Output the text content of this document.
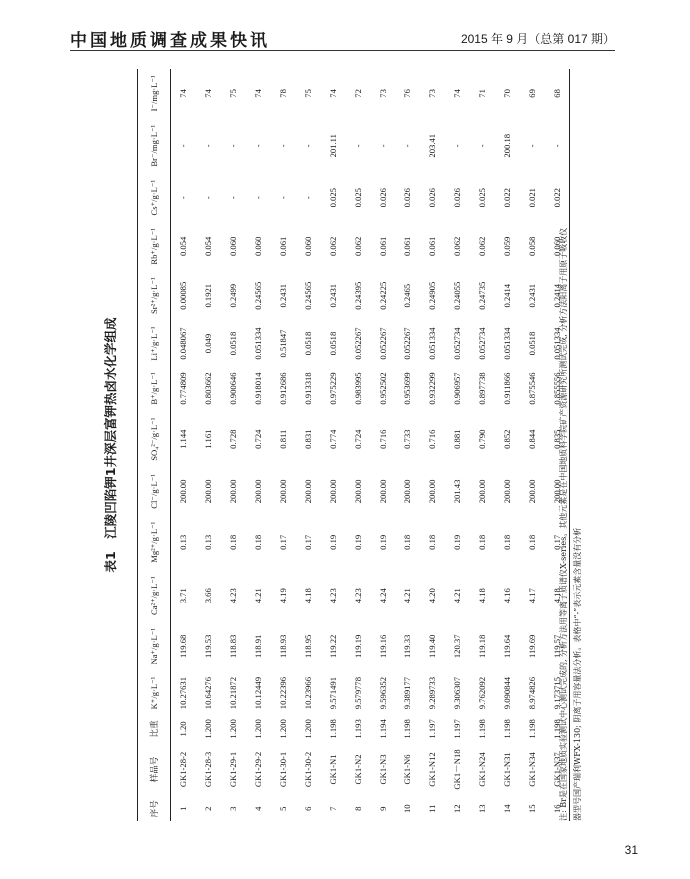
中国地质调查成果快讯	2015 年 9 月（总第 017 期）
表1　江陵凹陷钾1井深层富钾热卤水化学组成
序号	样品号	比重	K⁺/g·L⁻¹	Na⁺/g·L⁻¹	Ca²⁺/g·L⁻¹	Mg²⁺/g·L⁻¹	Cl⁻/g·L⁻¹	SO₄²⁻/g·L⁻¹	B⁺/g·L⁻¹	Li⁺/g·L⁻¹	Sr²⁺/g·L⁻¹	Rb⁺/g·L⁻¹	Cs⁺/g·L⁻¹	Br⁻/mg·L⁻¹	I⁻/mg·L⁻¹
1	GK1-28-2	1.20	10.27631	119.68	3.71	0.13	200.00	1.144	0.774809	0.048067	0.00085	0.054	-	-	74
2	GK1-28-3	1.200	10.64276	119.53	3.66	0.13	200.00	1.161	0.803662	0.049	0.1921	0.054	-	-	74
3	GK1-29-1	1.200	10.21872	118.83	4.23	0.18	200.00	0.728	0.900646	0.0518	0.2499	0.060	-	-	75
4	GK1-29-2	1.200	10.12449	118.91	4.21	0.18	200.00	0.724	0.918014	0.051334	0.24565	0.060	-	-	74
5	GK1-30-1	1.200	10.22396	118.93	4.19	0.17	200.00	0.811	0.912686	0.51847	0.2431	0.061	-	-	78
6	GK1-30-2	1.200	10.23966	118.95	4.18	0.17	200.00	0.831	0.913318	0.0518	0.24565	0.060	-	-	75
7	GK1-N1	1.198	9.571491	119.22	4.23	0.19	200.00	0.774	0.975229	0.0518	0.2431	0.062	0.025	201.11	74
8	GK1-N2	1.193	9.579778	119.19	4.23	0.19	200.00	0.724	0.983995	0.052267	0.24395	0.062	0.025	-	72
9	GK1-N3	1.194	9.596352	119.16	4.24	0.19	200.00	0.716	0.952502	0.052267	0.24225	0.061	0.026	-	73
10	GK1-N6	1.198	9.389177	119.33	4.21	0.18	200.00	0.733	0.953699	0.052267	0.2465	0.061	0.026	-	76
11	GK1-N12	1.197	9.289733	119.40	4.20	0.18	200.00	0.716	0.932299	0.051334	0.24905	0.061	0.026	203.41	73
12	GK1－N18	1.197	9.306307	120.37	4.21	0.19	201.43	0.881	0.906957	0.052734	0.24055	0.062	0.026	-	74
13	GK1-N24	1.198	9.762092	119.18	4.18	0.18	200.00	0.790	0.897738	0.052734	0.24735	0.062	0.025	-	71
14	GK1-N31	1.198	9.090844	119.64	4.16	0.18	200.00	0.852	0.911866	0.051334	0.2414	0.059	0.022	200.18	70
15	GK1-N34	1.198	8.974826	119.69	4.17	0.18	200.00	0.844	0.875546	0.0518	0.2431	0.058	0.021	-	69
16	GK1-N37	1.198	9.173715	119.57	4.18	0.17	200.00	0.835	0.855556	0.051334	0.2414	0.060	0.022	-	68
注: Br是在国家地质实验测试中心测试完成的, 分析方法用等离子质谱仪X-series。其他元素是在中国地质科学院矿产资源研究所测试完成, 分析方法阳离子用原子吸收仪 器型号国产瑞利WFX-130; 阴离子用容量法分析。表格中“-”表示元素含量没有分析
31
